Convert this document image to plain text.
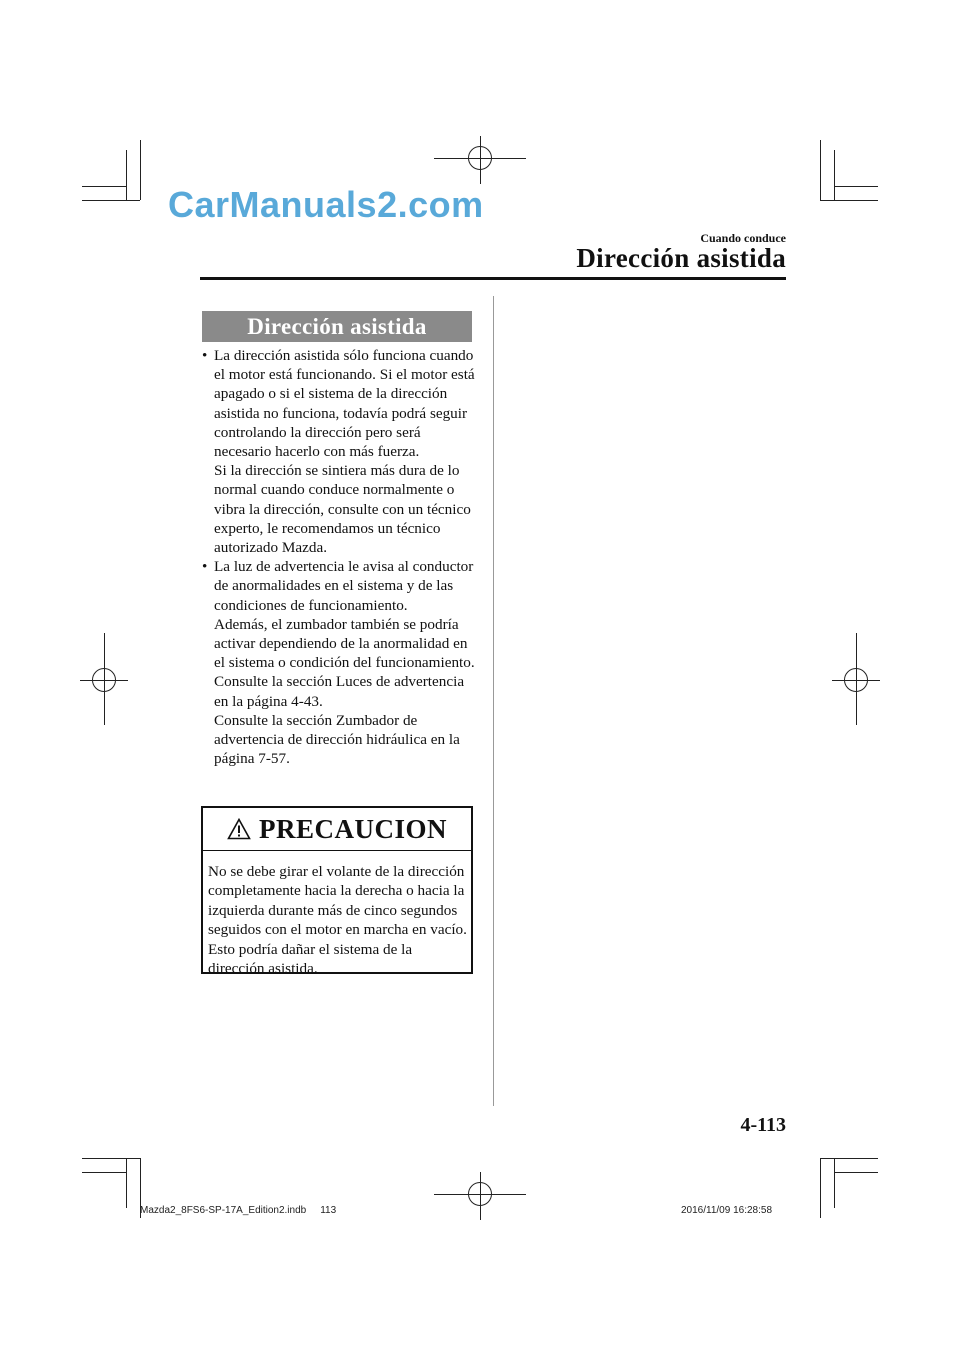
CarManuals2.com
Cuando conduce
Dirección asistida
Dirección asistida
• La dirección asistida sólo funciona cuando el motor está funcionando. Si el motor está apagado o si el sistema de la dirección asistida no funciona, todavía podrá seguir controlando la dirección pero será necesario hacerlo con más fuerza.

Si la dirección se sintiera más dura de lo normal cuando conduce normalmente o vibra la dirección, consulte con un técnico experto, le recomendamos un técnico autorizado Mazda.

• La luz de advertencia le avisa al conductor de anormalidades en el sistema y de las condiciones de funcionamiento.

Además, el zumbador también se podría activar dependiendo de la anormalidad en el sistema o condición del funcionamiento.

Consulte la sección Luces de advertencia en la página 4-43.

Consulte la sección Zumbador de advertencia de dirección hidráulica en la página 7-57.

PRECAUCION
No se debe girar el volante de la dirección completamente hacia la derecha o hacia la izquierda durante más de cinco segundos seguidos con el motor en marcha en vacío. Esto podría dañar el sistema de la dirección asistida.
4-113
Mazda2_8FS6-SP-17A_Edition2.indb 113	2016/11/09 16:28:58
